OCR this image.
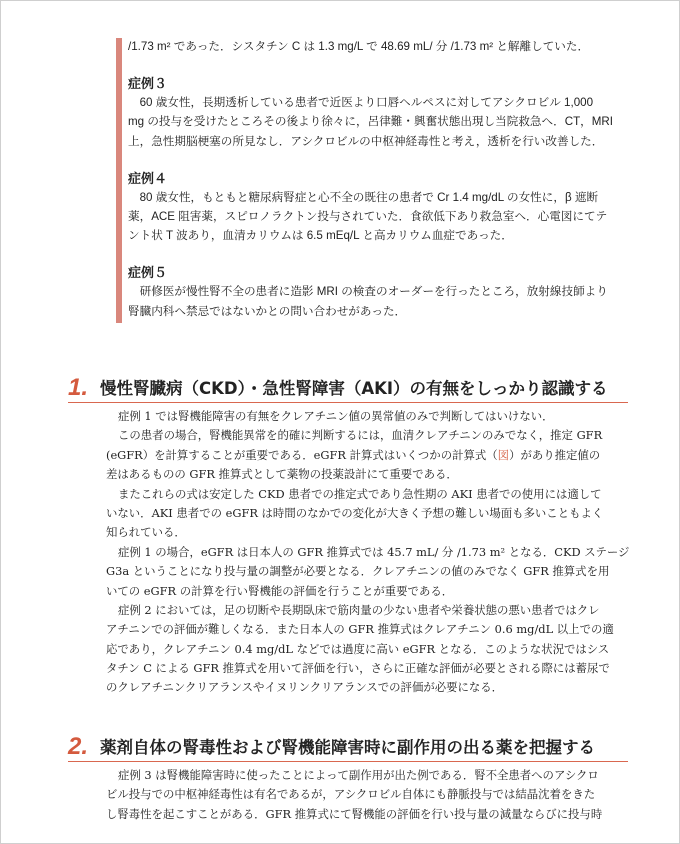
/1.73 m² であった．シスタチン C は 1.3 mg/L で 48.69 mL/ 分 /1.73 m² と解離していた．
症例３
　60 歳女性，長期透析している患者で近医より口唇ヘルペスに対してアシクロビル 1,000
mg の投与を受けたところその後より徐々に，呂律難・興奮状態出現し当院救急へ．CT，MRI
上，急性期脳梗塞の所見なし．アシクロビルの中枢神経毒性と考え，透析を行い改善した．
症例４
　80 歳女性，もともと糖尿病腎症と心不全の既往の患者で Cr 1.4 mg/dL の女性に，β 遮断
薬，ACE 阻害薬，スピロノラクトン投与されていた．食欲低下あり救急室へ．心電図にてテ
ント状 T 波あり，血清カリウムは 6.5 mEq/L と高カリウム血症であった．
症例５
　研修医が慢性腎不全の患者に造影 MRI の検査のオーダーを行ったところ，放射線技師より
腎臓内科へ禁忌ではないかとの問い合わせがあった．
1. 慢性腎臓病（CKD）・急性腎障害（AKI）の有無をしっかり認識する
症例 1 では腎機能障害の有無をクレアチニン値の異常値のみで判断してはいけない．
この患者の場合，腎機能異常を的確に判断するには，血清クレアチニンのみでなく，推定 GFR
(eGFR）を計算することが重要である．eGFR 計算式はいくつかの計算式（図）があり推定値の
差はあるものの GFR 推算式として薬物の投薬設計にて重要である．
またこれらの式は安定した CKD 患者での推定式であり急性期の AKI 患者での使用には適して
いない．AKI 患者での eGFR は時間のなかでの変化が大きく予想の難しい場面も多いこともよく
知られている．
症例 1 の場合，eGFR は日本人の GFR 推算式では 45.7 mL/ 分 /1.73 m² となる．CKD ステージ
G3a ということになり投与量の調整が必要となる．クレアチニンの値のみでなく GFR 推算式を用
いての eGFR の計算を行い腎機能の評価を行うことが重要である．
症例 2 においては，足の切断や長期臥床で筋肉量の少ない患者や栄養状態の悪い患者ではクレ
アチニンでの評価が難しくなる．また日本人の GFR 推算式はクレアチニン 0.6 mg/dL 以上での適
応であり，クレアチニン 0.4 mg/dL などでは過度に高い eGFR となる．このような状況ではシス
タチン C による GFR 推算式を用いて評価を行い，さらに正確な評価が必要とされる際には蓄尿で
のクレアチニンクリアランスやイヌリンクリアランスでの評価が必要になる．
2. 薬剤自体の腎毒性および腎機能障害時に副作用の出る薬を把握する
症例 3 は腎機能障害時に使ったことによって副作用が出た例である．腎不全患者へのアシクロ
ビル投与での中枢神経毒性は有名であるが，アシクロビル自体にも静脈投与では結晶沈着をきた
し腎毒性を起こすことがある．GFR 推算式にて腎機能の評価を行い投与量の減量ならびに投与時
